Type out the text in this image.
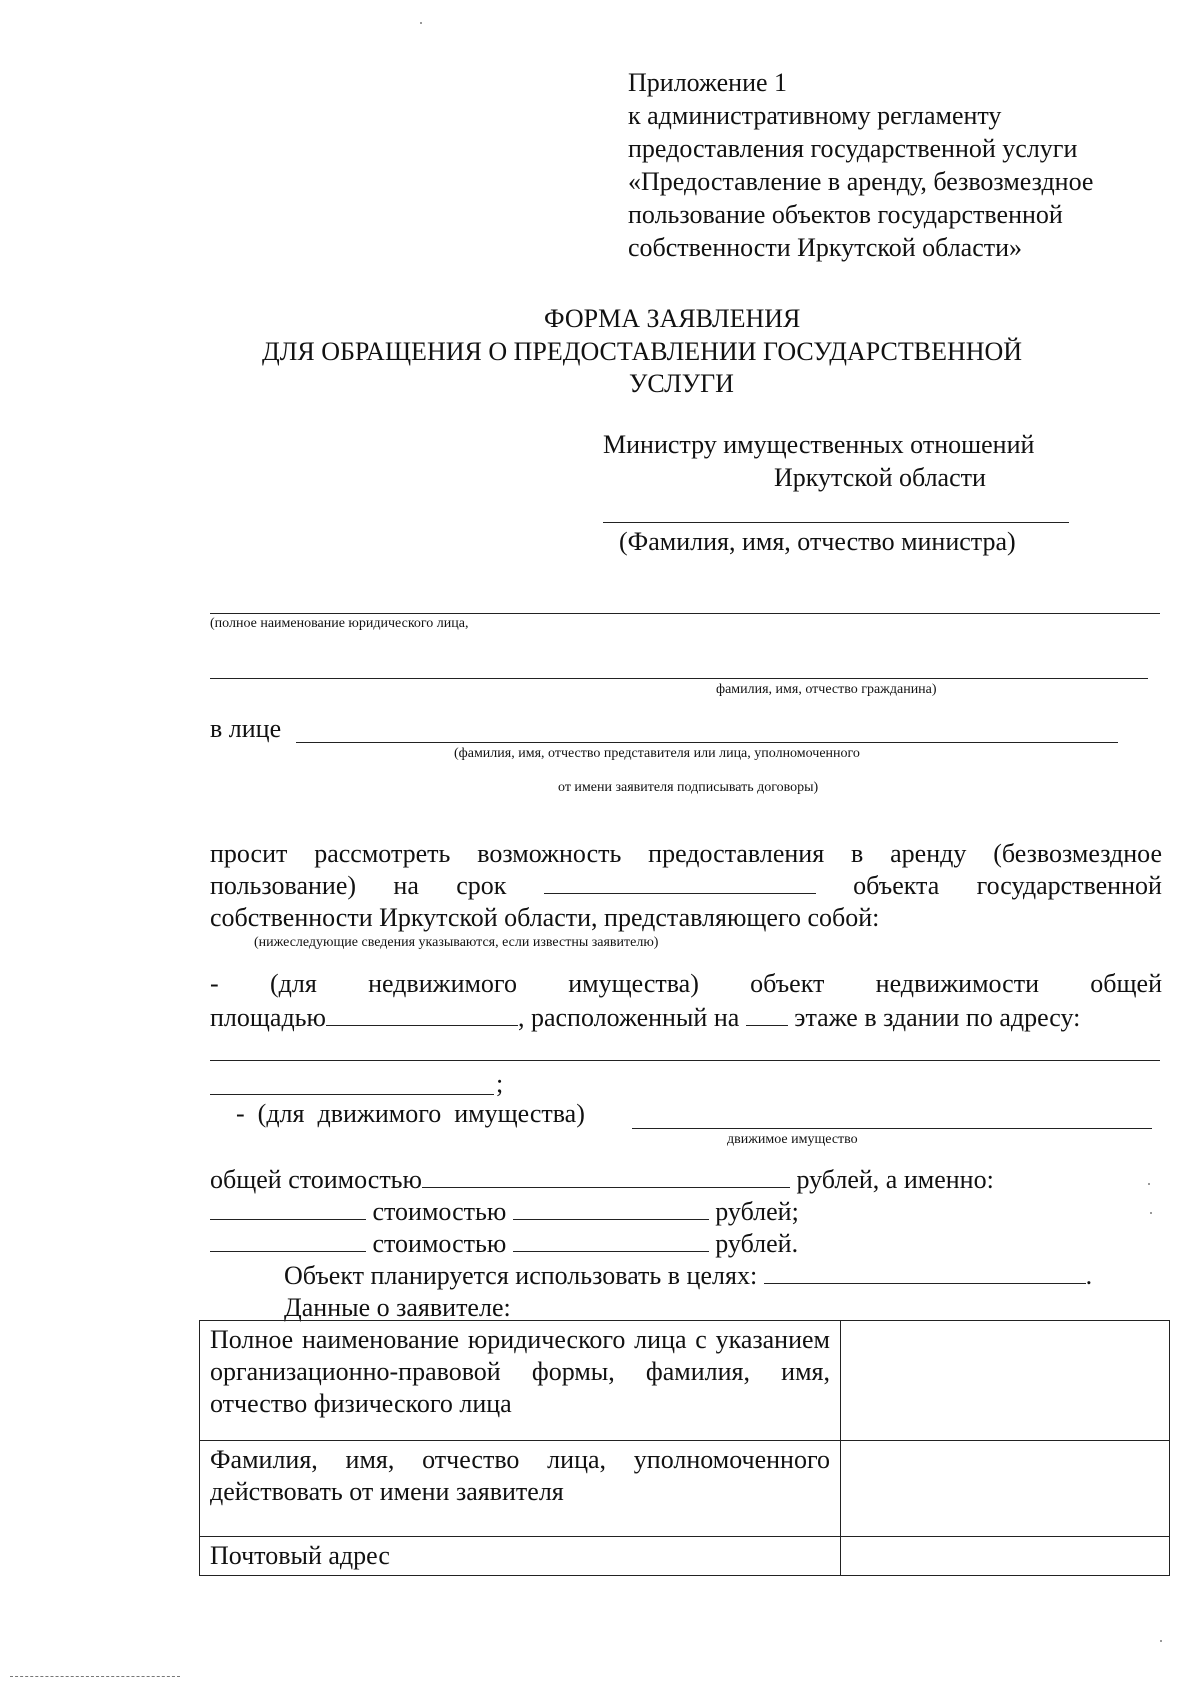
Приложение 1
к административному регламенту
предоставления государственной услуги
«Предоставление в аренду, безвозмездное
пользование объектов государственной
собственности Иркутской области»
ФОРМА ЗАЯВЛЕНИЯ
ДЛЯ ОБРАЩЕНИЯ О ПРЕДОСТАВЛЕНИИ ГОСУДАРСТВЕННОЙ
УСЛУГИ
Министру имущественных отношений
Иркутской области
(Фамилия, имя, отчество министра)
(полное наименование юридического лица,
фамилия, имя, отчество гражданина)
в лице
(фамилия, имя, отчество представителя или лица, уполномоченного
от имени заявителя подписывать договоры)
просит рассмотреть возможность предоставления в аренду (безвозмездное
пользование) на срок	объекта государственной
собственности Иркутской области, представляющего собой:
(нижеследующие сведения указываются, если известны заявителю)
-   (для   недвижимого   имущества)   объект   недвижимости   общей
площадью	, расположенный на этаже в здании по адресу:
;
-  (для  движимого  имущества)
движимое имущество
общей стоимостью	рублей, а именно:
стоимостью	рублей;
стоимостью	рублей.
Объект планируется использовать в целях:	.
Данные о заявителе:
Полное наименование юридического лица с указанием организационно-правовой формы, фамилия, имя, отчество физического лица	
Фамилия, имя, отчество лица, уполномоченного действовать от имени заявителя	
Почтовый адрес	
